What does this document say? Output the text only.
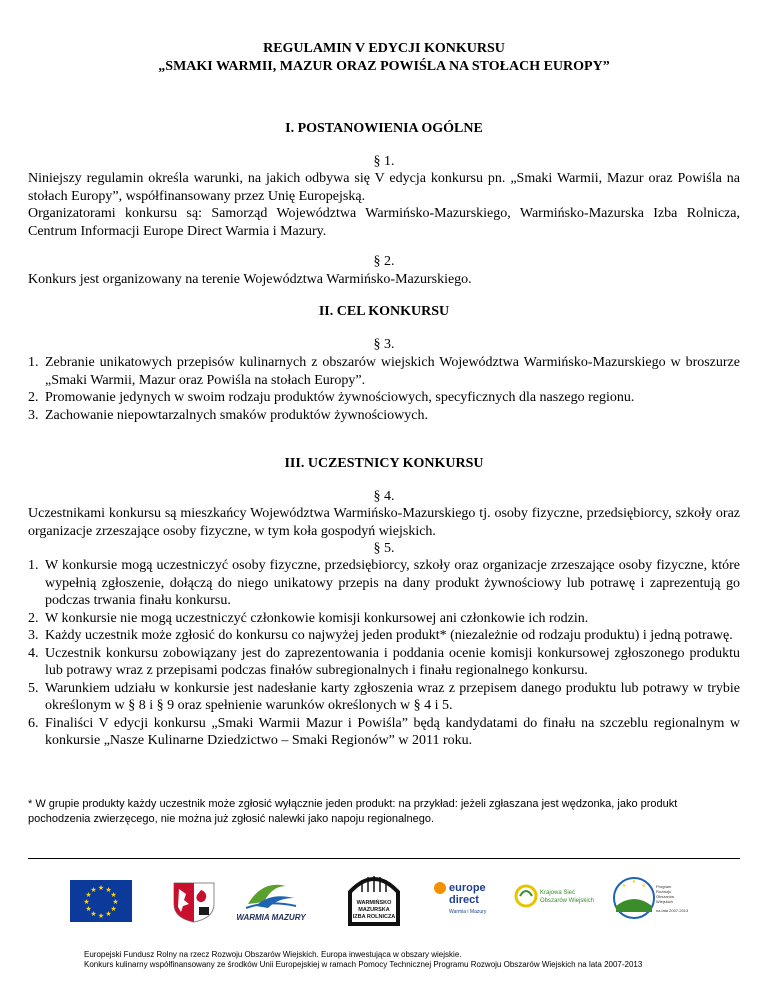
REGULAMIN V EDYCJI KONKURSU
„SMAKI WARMII, MAZUR ORAZ POWIŚLA NA STOŁACH EUROPY”
I. POSTANOWIENIA OGÓLNE
§ 1.
Niniejszy regulamin określa warunki, na jakich odbywa się V edycja konkursu pn. „Smaki Warmii, Mazur oraz Powiśla na stołach Europy”, współfinansowany przez Unię Europejską.
Organizatorami konkursu są: Samorząd Województwa Warmińsko-Mazurskiego, Warmińsko-Mazurska Izba Rolnicza, Centrum Informacji Europe Direct Warmia i Mazury.
§ 2.
Konkurs jest organizowany na terenie Województwa Warmińsko-Mazurskiego.
II. CEL KONKURSU
§ 3.
1. Zebranie unikatowych przepisów kulinarnych z obszarów wiejskich Województwa Warmińsko-Mazurskiego w broszurze „Smaki Warmii, Mazur oraz Powiśla na stołach Europy”.
2. Promowanie jedynych w swoim rodzaju produktów żywnościowych, specyficznych dla naszego regionu.
3. Zachowanie niepowtarzalnych smaków produktów żywnościowych.
III. UCZESTNICY KONKURSU
§ 4.
Uczestnikami konkursu są mieszkańcy Województwa Warmińsko-Mazurskiego tj. osoby fizyczne, przedsiębiorcy, szkoły oraz organizacje zrzeszające osoby fizyczne, w tym koła gospodyń wiejskich.
§ 5.
1. W konkursie mogą uczestniczyć osoby fizyczne, przedsiębiorcy, szkoły oraz organizacje zrzeszające osoby fizyczne, które wypełnią zgłoszenie, dołączą do niego unikatowy przepis na dany produkt żywnościowy lub potrawę i zaprezentują go podczas trwania finału konkursu.
2. W konkursie nie mogą uczestniczyć członkowie komisji konkursowej ani członkowie ich rodzin.
3. Każdy uczestnik może zgłosić do konkursu co najwyżej jeden produkt* (niezależnie od rodzaju produktu) i jedną potrawę.
4. Uczestnik konkursu zobowiązany jest do zaprezentowania i poddania ocenie komisji konkursowej zgłoszonego produktu lub potrawy wraz z przepisami podczas finałów subregionalnych i finału regionalnego konkursu.
5. Warunkiem udziału w konkursie jest nadesłanie karty zgłoszenia wraz z przepisem danego produktu lub potrawy w trybie określonym w § 8 i § 9 oraz spełnienie warunków określonych w § 4 i 5.
6. Finaliści V edycji konkursu „Smaki Warmii Mazur i Powiśla” będą kandydatami do finału na szczeblu regionalnym w konkursie „Nasze Kulinarne Dziedzictwo – Smaki Regionów” w 2011 roku.
* W grupie produkty każdy uczestnik może zgłosić wyłącznie jeden produkt: na przykład: jeżeli zgłaszana jest wędzonka, jako produkt pochodzenia zwierzęcego, nie można już zgłosić nalewki jako napoju regionalnego.
★ ★
★
★
★
★
★
★
★
★
★
★
WARMIA MAZURY
WARMIŃSKO
MAZURSKA
IZBA ROLNICZA
europe
direct
Warmia i Mazury
Krajowa Sieć
Obszarów Wiejskich
★
★
★	Program
Rozwoju
Obszarów
Wiejskich
na lata 2007-2013
Europejski Fundusz Rolny na rzecz Rozwoju Obszarów Wiejskich. Europa inwestująca w obszary wiejskie.
Konkurs kulinarny współfinansowany ze środków Unii Europejskiej w ramach Pomocy Technicznej Programu Rozwoju Obszarów Wiejskich na lata 2007-2013
